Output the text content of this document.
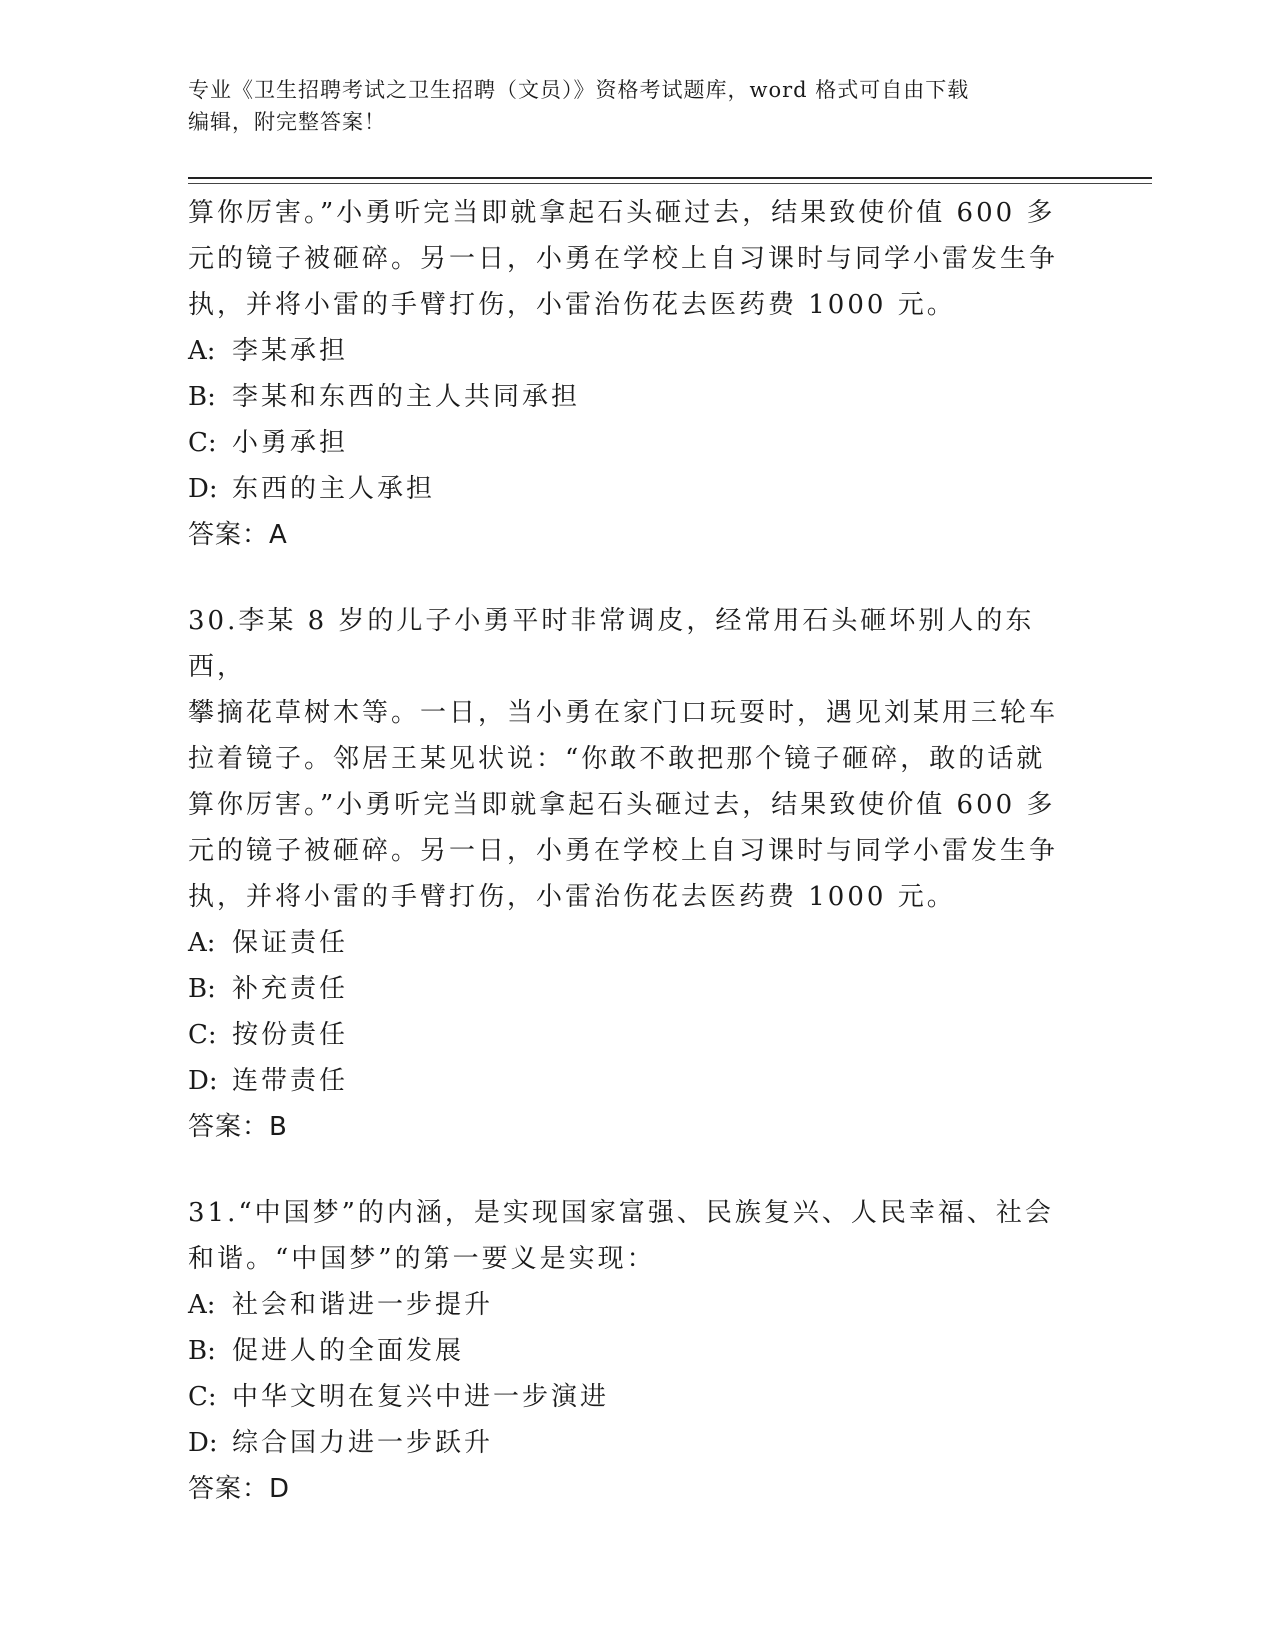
专业《卫生招聘考试之卫生招聘（文员）》资格考试题库，word 格式可自由下载
编辑，附完整答案！

算你厉害。”小勇听完当即就拿起石头砸过去，结果致使价值 600 多

元的镜子被砸碎。另一日，小勇在学校上自习课时与同学小雷发生争

执，并将小雷的手臂打伤，小雷治伤花去医药费 1000 元。

A: 李某承担
B: 李某和东西的主人共同承担
C: 小勇承担
D: 东西的主人承担

答案：A

30.李某 8 岁的儿子小勇平时非常调皮，经常用石头砸坏别人的东西，

攀摘花草树木等。一日，当小勇在家门口玩耍时，遇见刘某用三轮车

拉着镜子。邻居王某见状说：“你敢不敢把那个镜子砸碎，敢的话就

算你厉害。”小勇听完当即就拿起石头砸过去，结果致使价值 600 多

元的镜子被砸碎。另一日，小勇在学校上自习课时与同学小雷发生争

执，并将小雷的手臂打伤，小雷治伤花去医药费 1000 元。

A: 保证责任
B: 补充责任
C: 按份责任
D: 连带责任

答案：B

31.“中国梦”的内涵，是实现国家富强、民族复兴、人民幸福、社会

和谐。“中国梦”的第一要义是实现：

A: 社会和谐进一步提升
B: 促进人的全面发展
C: 中华文明在复兴中进一步演进
D: 综合国力进一步跃升

答案：D
